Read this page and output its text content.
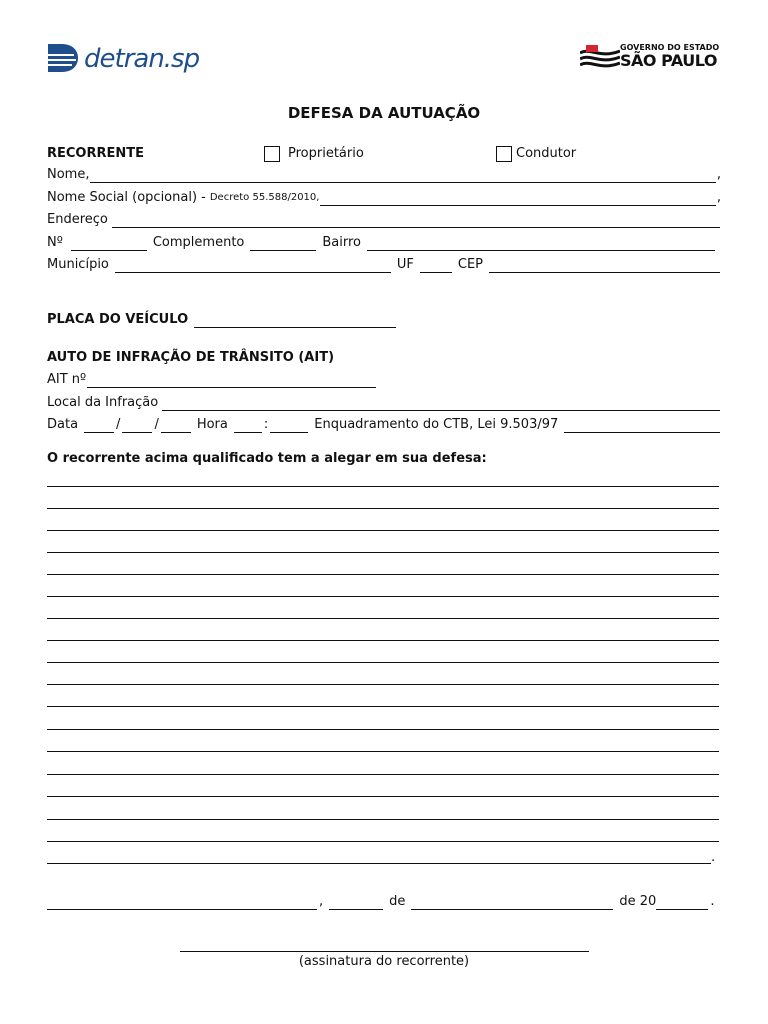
detran.sp	GOVERNO DO ESTADO
SÃO PAULO
DEFESA DA AUTUAÇÃO
RECORRENTE	Proprietário	Condutor
Nome,	,
Nome Social (opcional) - Decreto 55.588/2010,	,
Endereço
Nº	Complemento	Bairro
Município	UF	CEP
PLACA DO VEÍCULO
AUTO DE INFRAÇÃO DE TRÂNSITO (AIT)
AIT nº
Local da Infração
Data	/	/	Hora	:	Enquadramento do CTB, Lei 9.503/97
O recorrente acima qualificado tem a alegar em sua defesa:
.
,	de	de 20	.
(assinatura do recorrente)
